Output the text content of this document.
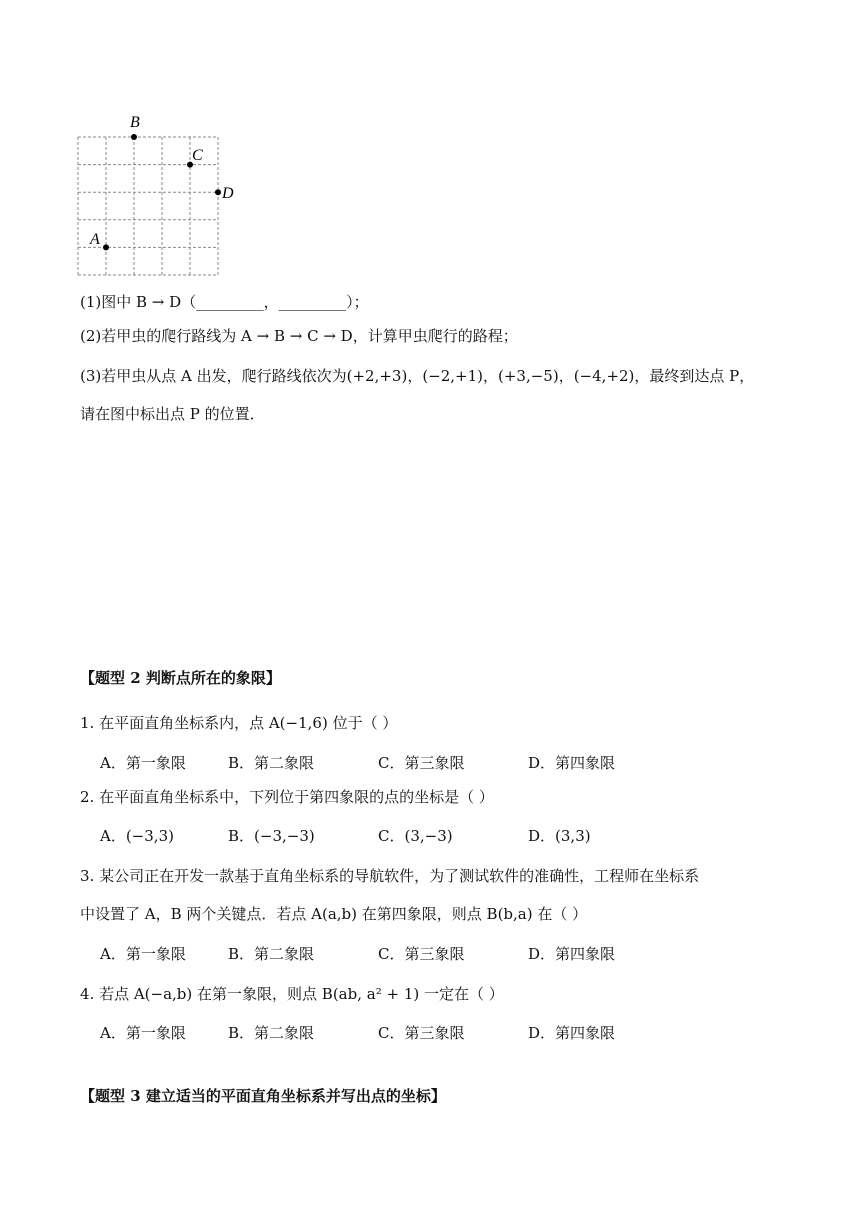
B
C
D
A
(1)图中 B → D（_________，_________）；
(2)若甲虫的爬行路线为 A → B → C → D，计算甲虫爬行的路程；
(3)若甲虫从点 A 出发，爬行路线依次为(+2,+3)，(−2,+1)，(+3,−5)，(−4,+2)，最终到达点 P，
请在图中标出点 P 的位置．
【题型 2 判断点所在的象限】
1. 在平面直角坐标系内，点 A(−1,6) 位于（ ）
A．第一象限	B．第二象限	C．第三象限	D．第四象限
2. 在平面直角坐标系中，下列位于第四象限的点的坐标是（ ）
A．(−3,3)	B．(−3,−3)	C．(3,−3)	D．(3,3)
3. 某公司正在开发一款基于直角坐标系的导航软件，为了测试软件的准确性，工程师在坐标系
中设置了 A，B 两个关键点．若点 A(a,b) 在第四象限，则点 B(b,a) 在（ ）
A．第一象限	B．第二象限	C．第三象限	D．第四象限
4. 若点 A(−a,b) 在第一象限，则点 B(ab, a² + 1) 一定在（ ）
A．第一象限	B．第二象限	C．第三象限	D．第四象限
【题型 3 建立适当的平面直角坐标系并写出点的坐标】
